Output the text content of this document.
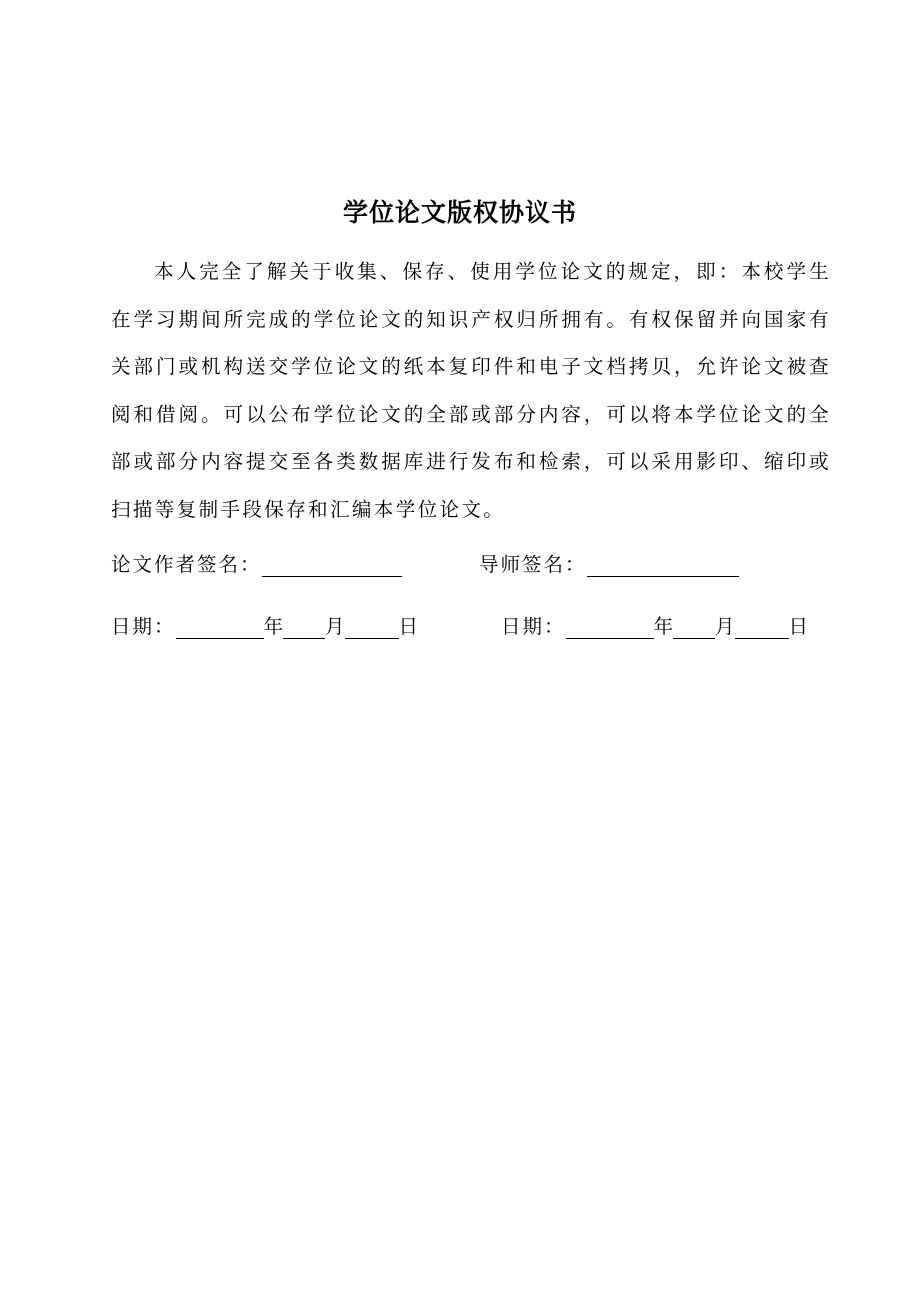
学位论文版权协议书

本人完全了解关于收集、保存、使用学位论文的规定，即：本校学生在学习期间所完成的学位论文的知识产权归所拥有。有权保留并向国家有关部门或机构送交学位论文的纸本复印件和电子文档拷贝，允许论文被查阅和借阅。可以公布学位论文的全部或部分内容，可以将本学位论文的全部或部分内容提交至各类数据库进行发布和检索，可以采用影印、缩印或扫描等复制手段保存和汇编本学位论文。

论文作者签名：	导师签名：
日期：	年 月	日	日期：	年 月	日
